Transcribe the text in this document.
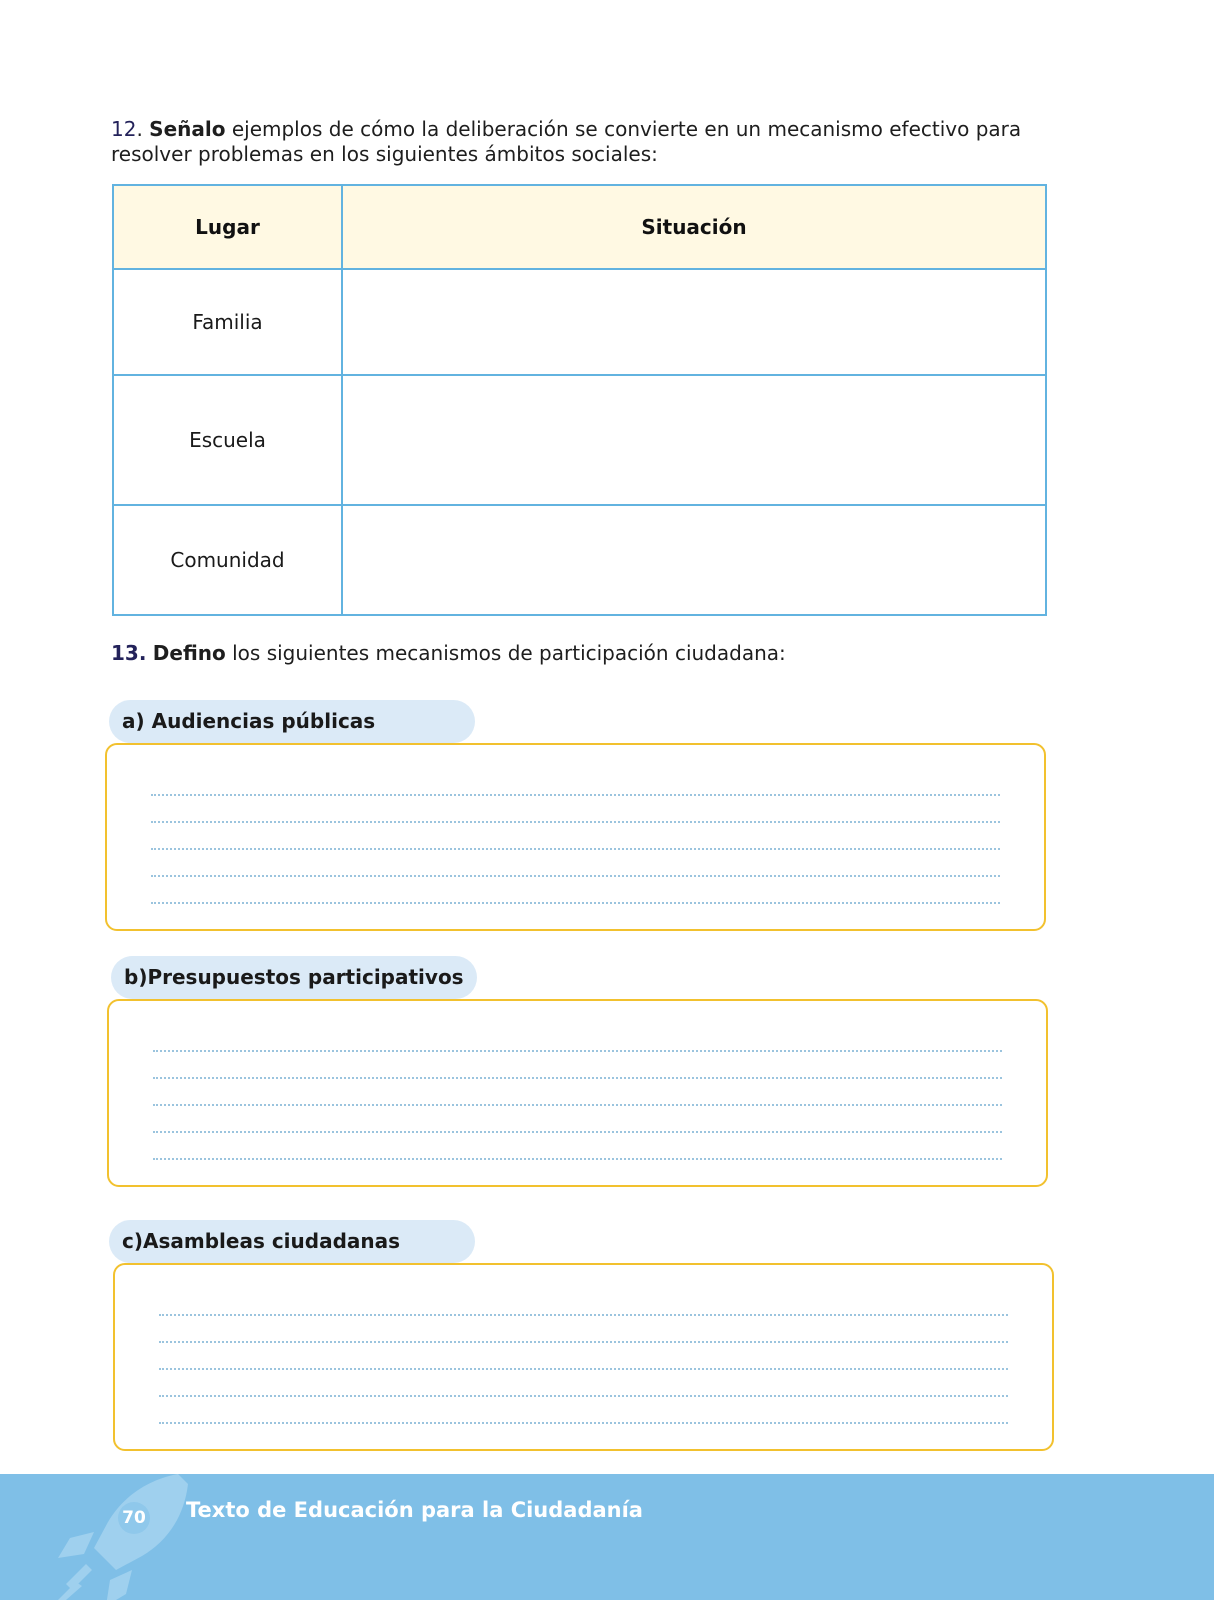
12. Señalo ejemplos de cómo la deliberación se convierte en un mecanismo efectivo para resolver problemas en los siguientes ámbitos sociales:
Lugar	Situación
Familia	
Escuela	
Comunidad	
13. Defino los siguientes mecanismos de participación ciudadana:
a) Audiencias públicas
b)Presupuestos participativos
c)Asambleas ciudadanas
70 Texto de Educación para la Ciudadanía
